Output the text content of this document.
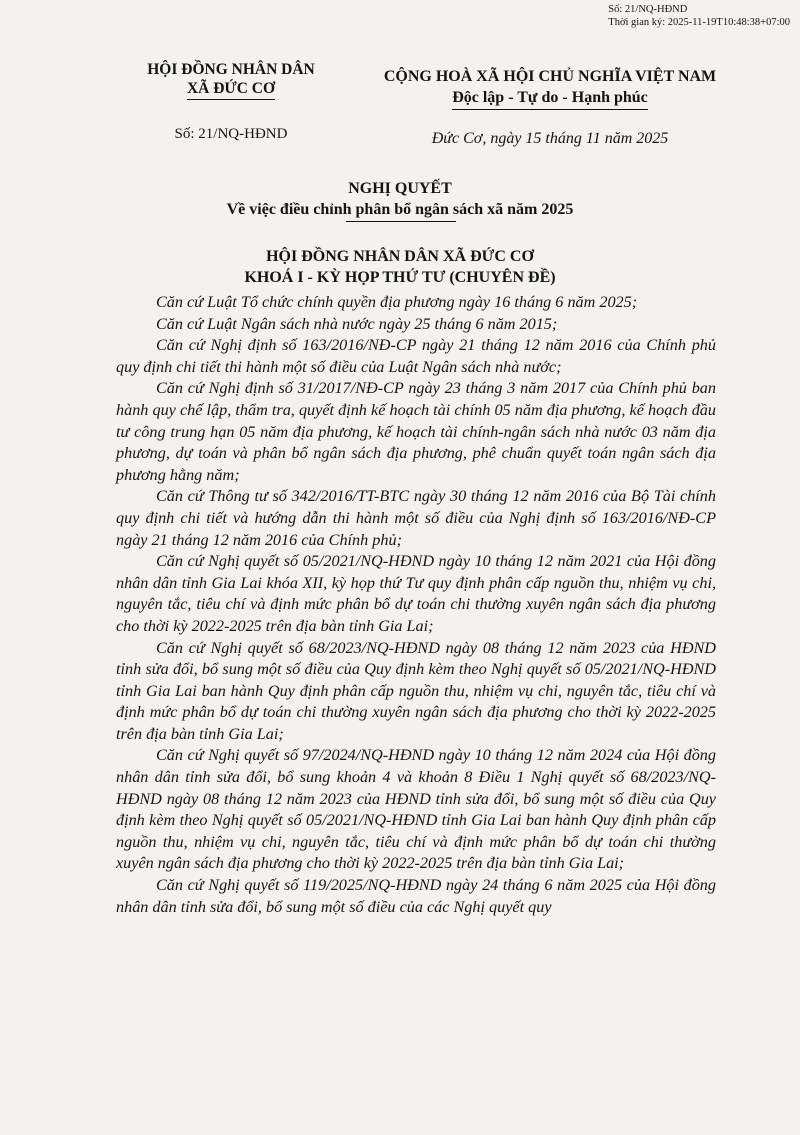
Số: 21/NQ-HĐND
Thời gian ký: 2025-11-19T10:48:38+07:00
HỘI ĐỒNG NHÂN DÂN
XÃ ĐỨC CƠ
CỘNG HOÀ XÃ HỘI CHỦ NGHĨA VIỆT NAM
Độc lập - Tự do - Hạnh phúc
Số: 21/NQ-HĐND	Đức Cơ, ngày 15 tháng 11 năm 2025
NGHỊ QUYẾT
Về việc điều chỉnh phân bổ ngân sách xã năm 2025
HỘI ĐỒNG NHÂN DÂN XÃ ĐỨC CƠ
KHOÁ I - KỲ HỌP THỨ TƯ (CHUYÊN ĐỀ)

Căn cứ Luật Tổ chức chính quyền địa phương ngày 16 tháng 6 năm 2025;

Căn cứ Luật Ngân sách nhà nước ngày 25 tháng 6 năm 2015;

Căn cứ Nghị định số 163/2016/NĐ-CP ngày 21 tháng 12 năm 2016 của Chính phủ quy định chi tiết thi hành một số điều của Luật Ngân sách nhà nước;

Căn cứ Nghị định số 31/2017/NĐ-CP ngày 23 tháng 3 năm 2017 của Chính phủ ban hành quy chế lập, thẩm tra, quyết định kế hoạch tài chính 05 năm địa phương, kế hoạch đầu tư công trung hạn 05 năm địa phương, kế hoạch tài chính-ngân sách nhà nước 03 năm địa phương, dự toán và phân bổ ngân sách địa phương, phê chuẩn quyết toán ngân sách địa phương hằng năm;

Căn cứ Thông tư số 342/2016/TT-BTC ngày 30 tháng 12 năm 2016 của Bộ Tài chính quy định chi tiết và hướng dẫn thi hành một số điều của Nghị định số 163/2016/NĐ-CP ngày 21 tháng 12 năm 2016 của Chính phủ;

Căn cứ Nghị quyết số 05/2021/NQ-HĐND ngày 10 tháng 12 năm 2021 của Hội đồng nhân dân tỉnh Gia Lai khóa XII, kỳ họp thứ Tư quy định phân cấp nguồn thu, nhiệm vụ chi, nguyên tắc, tiêu chí và định mức phân bổ dự toán chi thường xuyên ngân sách địa phương cho thời kỳ 2022-2025 trên địa bàn tỉnh Gia Lai;

Căn cứ Nghị quyết số 68/2023/NQ-HĐND ngày 08 tháng 12 năm 2023 của HĐND tỉnh sửa đổi, bổ sung một số điều của Quy định kèm theo Nghị quyết số 05/2021/NQ-HĐND tỉnh Gia Lai ban hành Quy định phân cấp nguồn thu, nhiệm vụ chi, nguyên tắc, tiêu chí và định mức phân bổ dự toán chi thường xuyên ngân sách địa phương cho thời kỳ 2022-2025 trên địa bàn tỉnh Gia Lai;

Căn cứ Nghị quyết số 97/2024/NQ-HĐND ngày 10 tháng 12 năm 2024 của Hội đồng nhân dân tỉnh sửa đổi, bổ sung khoản 4 và khoản 8 Điều 1 Nghị quyết số 68/2023/NQ-HĐND ngày 08 tháng 12 năm 2023 của HĐND tỉnh sửa đổi, bổ sung một số điều của Quy định kèm theo Nghị quyết số 05/2021/NQ-HĐND tỉnh Gia Lai ban hành Quy định phân cấp nguồn thu, nhiệm vụ chi, nguyên tắc, tiêu chí và định mức phân bổ dự toán chi thường xuyên ngân sách địa phương cho thời kỳ 2022-2025 trên địa bàn tỉnh Gia Lai;

Căn cứ Nghị quyết số 119/2025/NQ-HĐND ngày 24 tháng 6 năm 2025 của Hội đồng nhân dân tỉnh sửa đổi, bổ sung một số điều của các Nghị quyết quy
